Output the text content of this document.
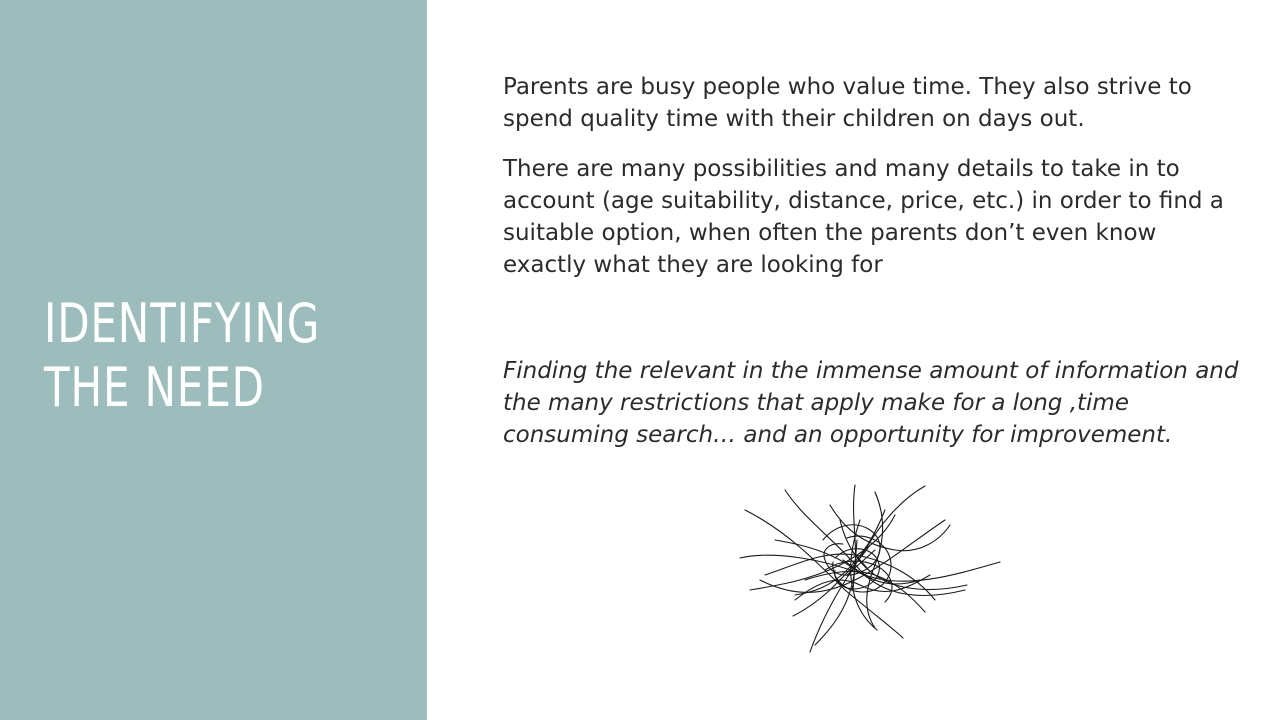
IDENTIFYING
THE NEED

Parents are busy people who value time. They also strive to spend quality time with their children on days out.

There are many possibilities and many details to take in to account (age suitability, distance, price, etc.) in order to find a suitable option, when often the parents don’t even know exactly what they are looking for

Finding the relevant in the immense amount of information and the many restrictions that apply make for a long ,time consuming search… and an opportunity for improvement.
